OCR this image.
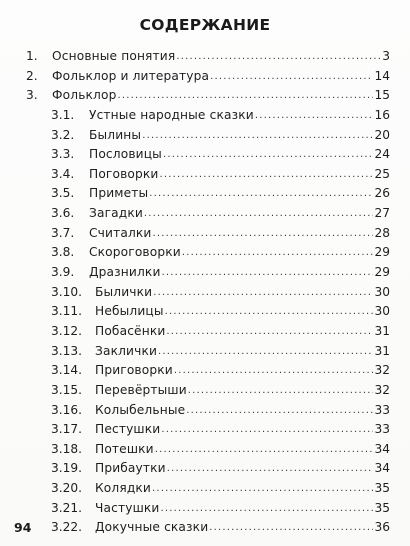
СОДЕРЖАНИЕ
1.	Основные понятия .....	3
2.	Фольклор и литература .....	14
3.	Фольклор .....	15
3.1.	Устные народные сказки .....	16
3.2.	Былины .....	20
3.3.	Пословицы .....	24
3.4.	Поговорки .....	25
3.5.	Приметы .....	26
3.6.	Загадки .....	27
3.7.	Считалки .....	28
3.8.	Скороговорки .....	29
3.9.	Дразнилки .....	29
3.10.	Былички .....	30
3.11.	Небылицы .....	30
3.12.	Побасёнки .....	31
3.13.	Заклички .....	31
3.14.	Приговорки .....	32
3.15.	Перевёртыши .....	32
3.16.	Колыбельные .....	33
3.17.	Пестушки .....	33
3.18.	Потешки .....	34
3.19.	Прибаутки .....	34
3.20.	Колядки .....	35
3.21.	Частушки .....	35
3.22.	Докучные сказки .....	36
94
